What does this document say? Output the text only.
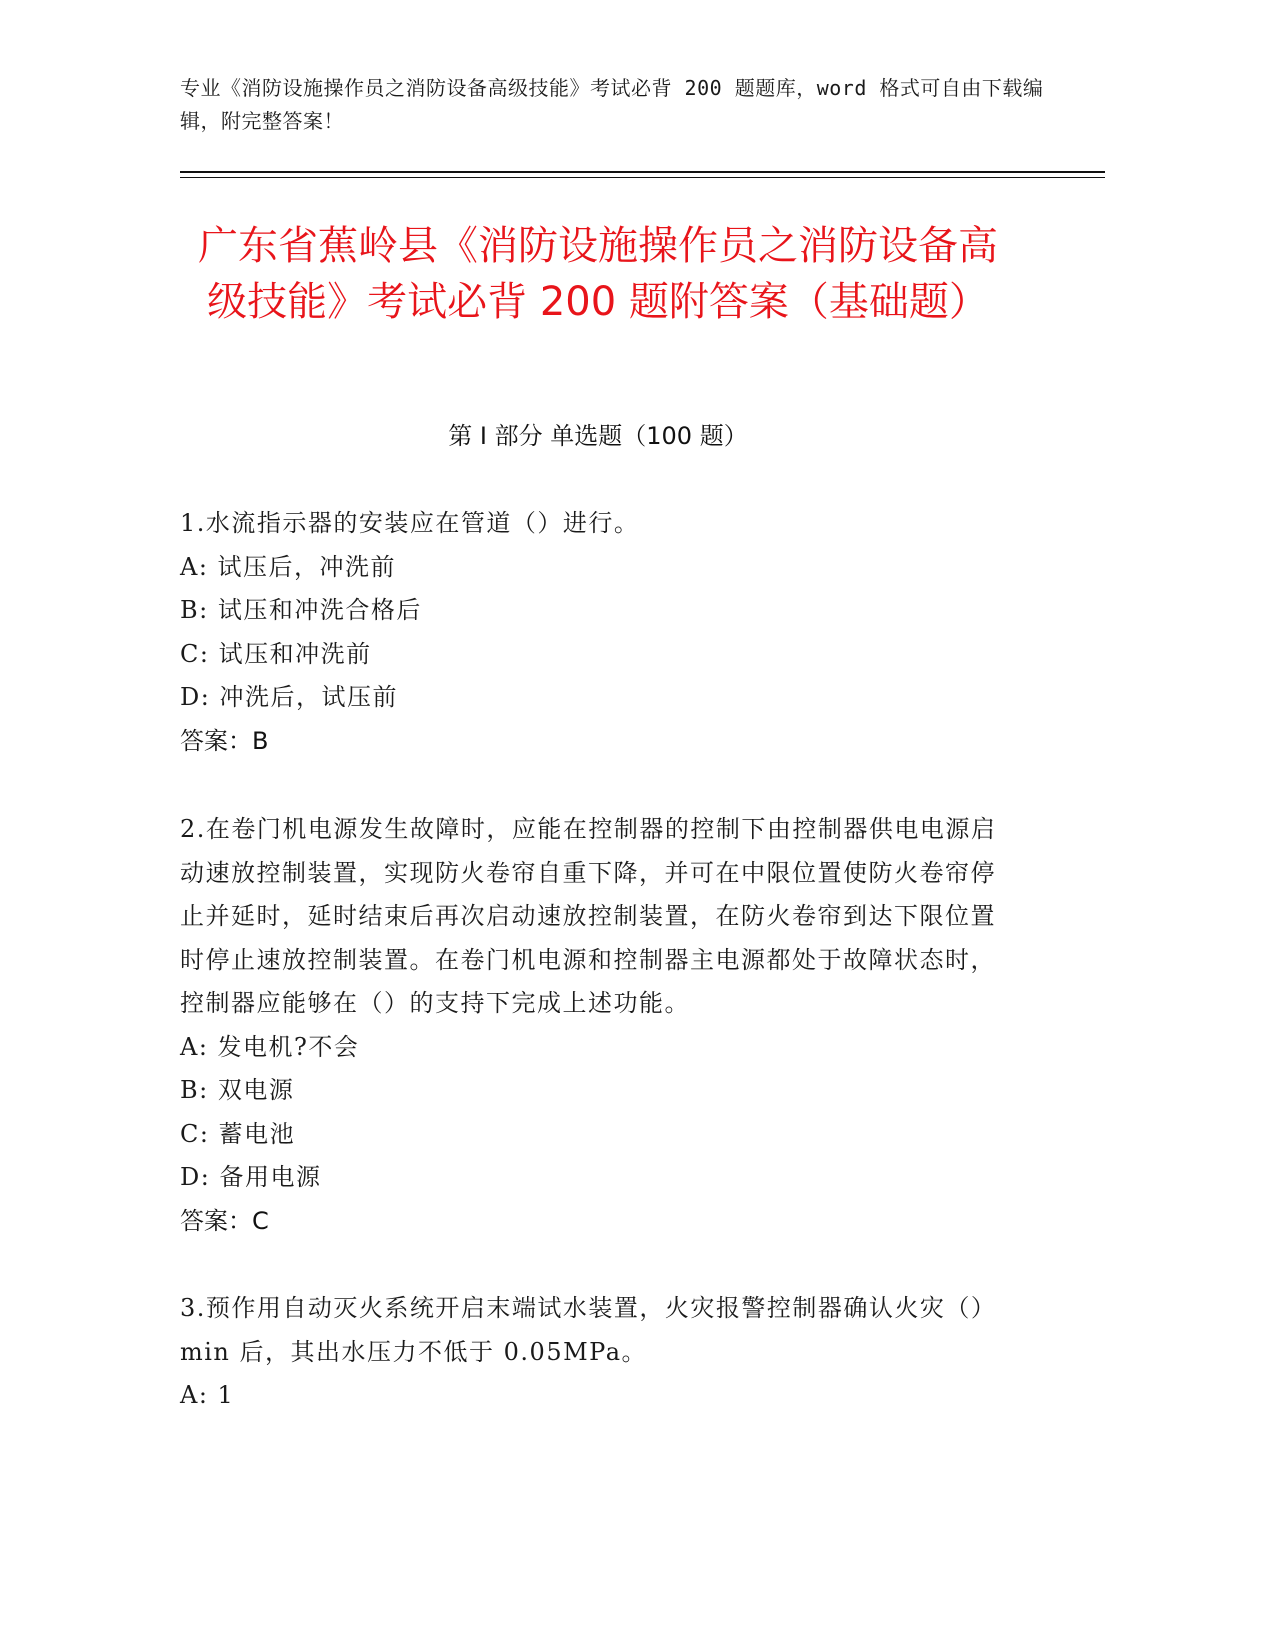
专业《消防设施操作员之消防设备高级技能》考试必背 200 题题库，word 格式可自由下载编辑，附完整答案！
广东省蕉岭县《消防设施操作员之消防设备高级技能》考试必背 200 题附答案（基础题）
第 I 部分 单选题（100 题）
1.水流指示器的安装应在管道（）进行。
A: 试压后，冲洗前
B: 试压和冲洗合格后
C: 试压和冲洗前
D: 冲洗后，试压前
答案：B
2.在卷门机电源发生故障时，应能在控制器的控制下由控制器供电电源启动速放控制装置，实现防火卷帘自重下降，并可在中限位置使防火卷帘停止并延时，延时结束后再次启动速放控制装置，在防火卷帘到达下限位置时停止速放控制装置。在卷门机电源和控制器主电源都处于故障状态时，控制器应能够在（）的支持下完成上述功能。
A: 发电机?不会
B: 双电源
C: 蓄电池
D: 备用电源
答案：C
3.预作用自动灭火系统开启末端试水装置，火灾报警控制器确认火灾（）min 后，其出水压力不低于 0.05MPa。
A: 1
